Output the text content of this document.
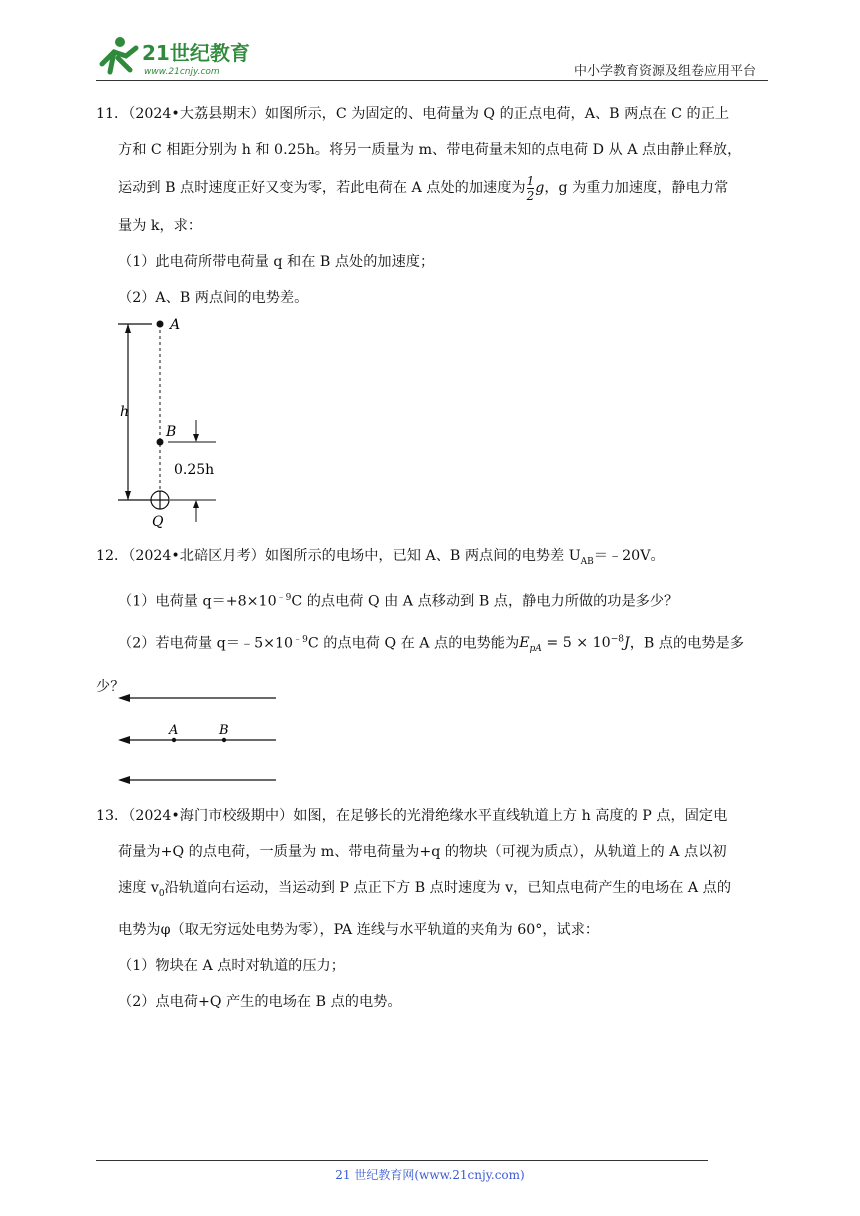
21世纪教育
www.21cnjy.com	中小学教育资源及组卷应用平台
11．（2024•大荔县期末）如图所示，C 为固定的、电荷量为 Q 的正点电荷，A、B 两点在 C 的正上
方和 C 相距分别为 h 和 0.25h。将另一质量为 m、带电荷量未知的点电荷 D 从 A 点由静止释放，
运动到 B 点时速度正好又变为零，若此电荷在 A 点处的加速度为 $\frac{1}{2}$ g，g 为重力加速度，静电力常
量为 k，求：
（1）此电荷所带电荷量 q 和在 B 点处的加速度；
（2）A、B 两点间的电势差。
h
A
B
0.25h
Q
12．（2024•北碚区月考）如图所示的电场中，已知 A、B 两点间的电势差 $U_{AB}=﹣20V$。
（1）电荷量 $q=+8\times 10^{﹣9}C$ 的点电荷 Q 由 A 点移动到 B 点，静电力所做的功是多少？
（2）若电荷量 $q=﹣5\times 10^{﹣9}C$ 的点电荷 Q 在 A 点的电势能为$E_{pA} = 5 \times 10^{-8}J$，B 点的电势是多
少？
A	B
13．（2024•海门市校级期中）如图，在足够长的光滑绝缘水平直线轨道上方 h 高度的 P 点，固定电
荷量为+Q 的点电荷，一质量为 m、带电荷量为+q 的物块（可视为质点），从轨道上的 A 点以初
速度 $v_0$沿轨道向右运动，当运动到 P 点正下方 B 点时速度为 v，已知点电荷产生的电场在 A 点的
电势为φ（取无穷远处电势为零），PA 连线与水平轨道的夹角为 60°，试求：
（1）物块在 A 点时对轨道的压力；
（2）点电荷+Q 产生的电场在 B 点的电势。
21 世纪教育网(www.21cnjy.com)
